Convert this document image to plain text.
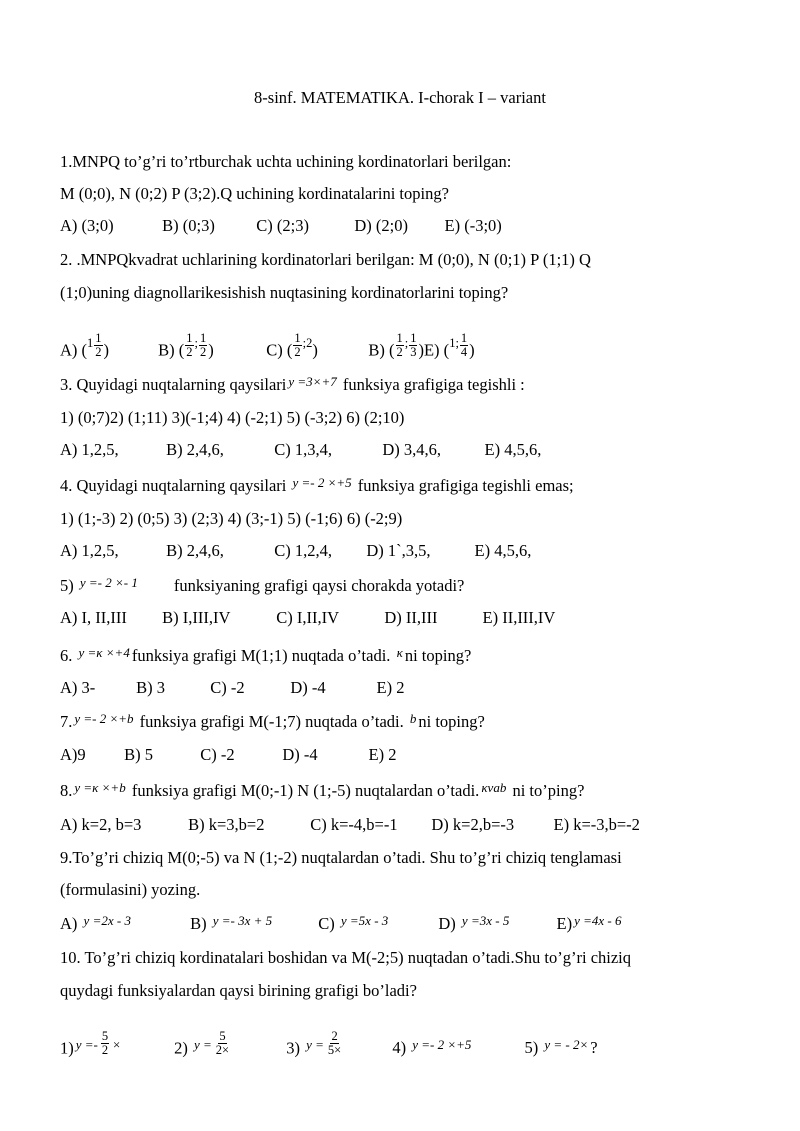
8-sinf. MATEMATIKA. I-chorak I – variant
1.MNPQ to’g’ri to’rtburchak uchta uchining kordinatorlari berilgan:
M (0;0), N (0;2) P (3;2).Q uchining kordinatalarini toping?
A) (3;0)	B) (0;3)	C) (2;3)	D) (2;0) E) (-3;0)
2. .MNPQkvadrat uchlarining kordinatorlari berilgan: M (0;0), N (0;1) P (1;1) Q
(1;0)uning diagnollarikesishish nuqtasining kordinatorlarini toping?
A) ($^1 \frac{1}{2}$ )	B) ( $\frac{1}{2} ^; \frac{1}{2}$ )	C) ( $\frac{1}{2} ^{;2}$)	B) ( $\frac{1}{2} ^; \frac{1}{3} )E$) ($^{1;} \frac{1}{4}$ )
3. Quyidagi nuqtalarning qaysilari y =3×+7 funksiya grafigiga tegishli :
1) (0;7)2) (1;11) 3)(-1;4) 4) (-2;1) 5) (-3;2) 6) (2;10)
A) 1,2,5,	B) 2,4,6,	C) 1,3,4,	D) 3,4,6,	E) 4,5,6,
4. Quyidagi nuqtalarning qaysilari y =- 2 ×+5 funksiya grafigiga tegishli emas;
1) (1;-3) 2) (0;5) 3) (2;3) 4) (3;-1) 5) (-1;6) 6) (-2;9)
A) 1,2,5,	B) 2,4,6,	C) 1,2,4, D) 1`,3,5,	E) 4,5,6,
5) y =- 2 ×- 1 funksiyaning grafigi qaysi chorakda yotadi?
A) I, II,III B) I,III,IV	C) I,II,IV	D) II,III	E) II,III,IV
6. y =κ ×+4 funksiya grafigi M(1;1) nuqtada o’tadi. κ ni toping?
A) 3- B) 3	C) -2	D) -4	E) 2
7. y =- 2 ×+b funksiya grafigi M(-1;7) nuqtada o’tadi. b ni toping?
A)9 B) 5	C) -2	D) -4	E) 2
8. y =κ ×+b funksiya grafigi M(0;-1) N (1;-5) nuqtalardan o’tadi. κvab ni to’ping?
A) k=2, b=3	B) k=3,b=2	C) k=-4,b=-1 D) k=2,b=-3 E) k=-3,b=-2
9.To’g’ri chiziq M(0;-5) va N (1;-2) nuqtalardan o’tadi. Shu to’g’ri chiziq tenglamasi
(formulasini) yozing.
A) y =2x - 3	B) y =- 3x + 5	C) y =5x - 3	D) y =3x - 5	E) y =4x - 6
10. To’g’ri chiziq kordinatalari boshidan va M(-2;5) nuqtadan o’tadi.Shu to’g’ri chiziq
quydagi funksiyalardan qaysi birining grafigi bo’ladi?
1) $y =- \frac{5}{2}$ ×	2) $y = \frac{5}{2\times}$	3) $y = \frac{2}{5\times}$	4) y =- 2 ×+5	5) y = - 2× ?
